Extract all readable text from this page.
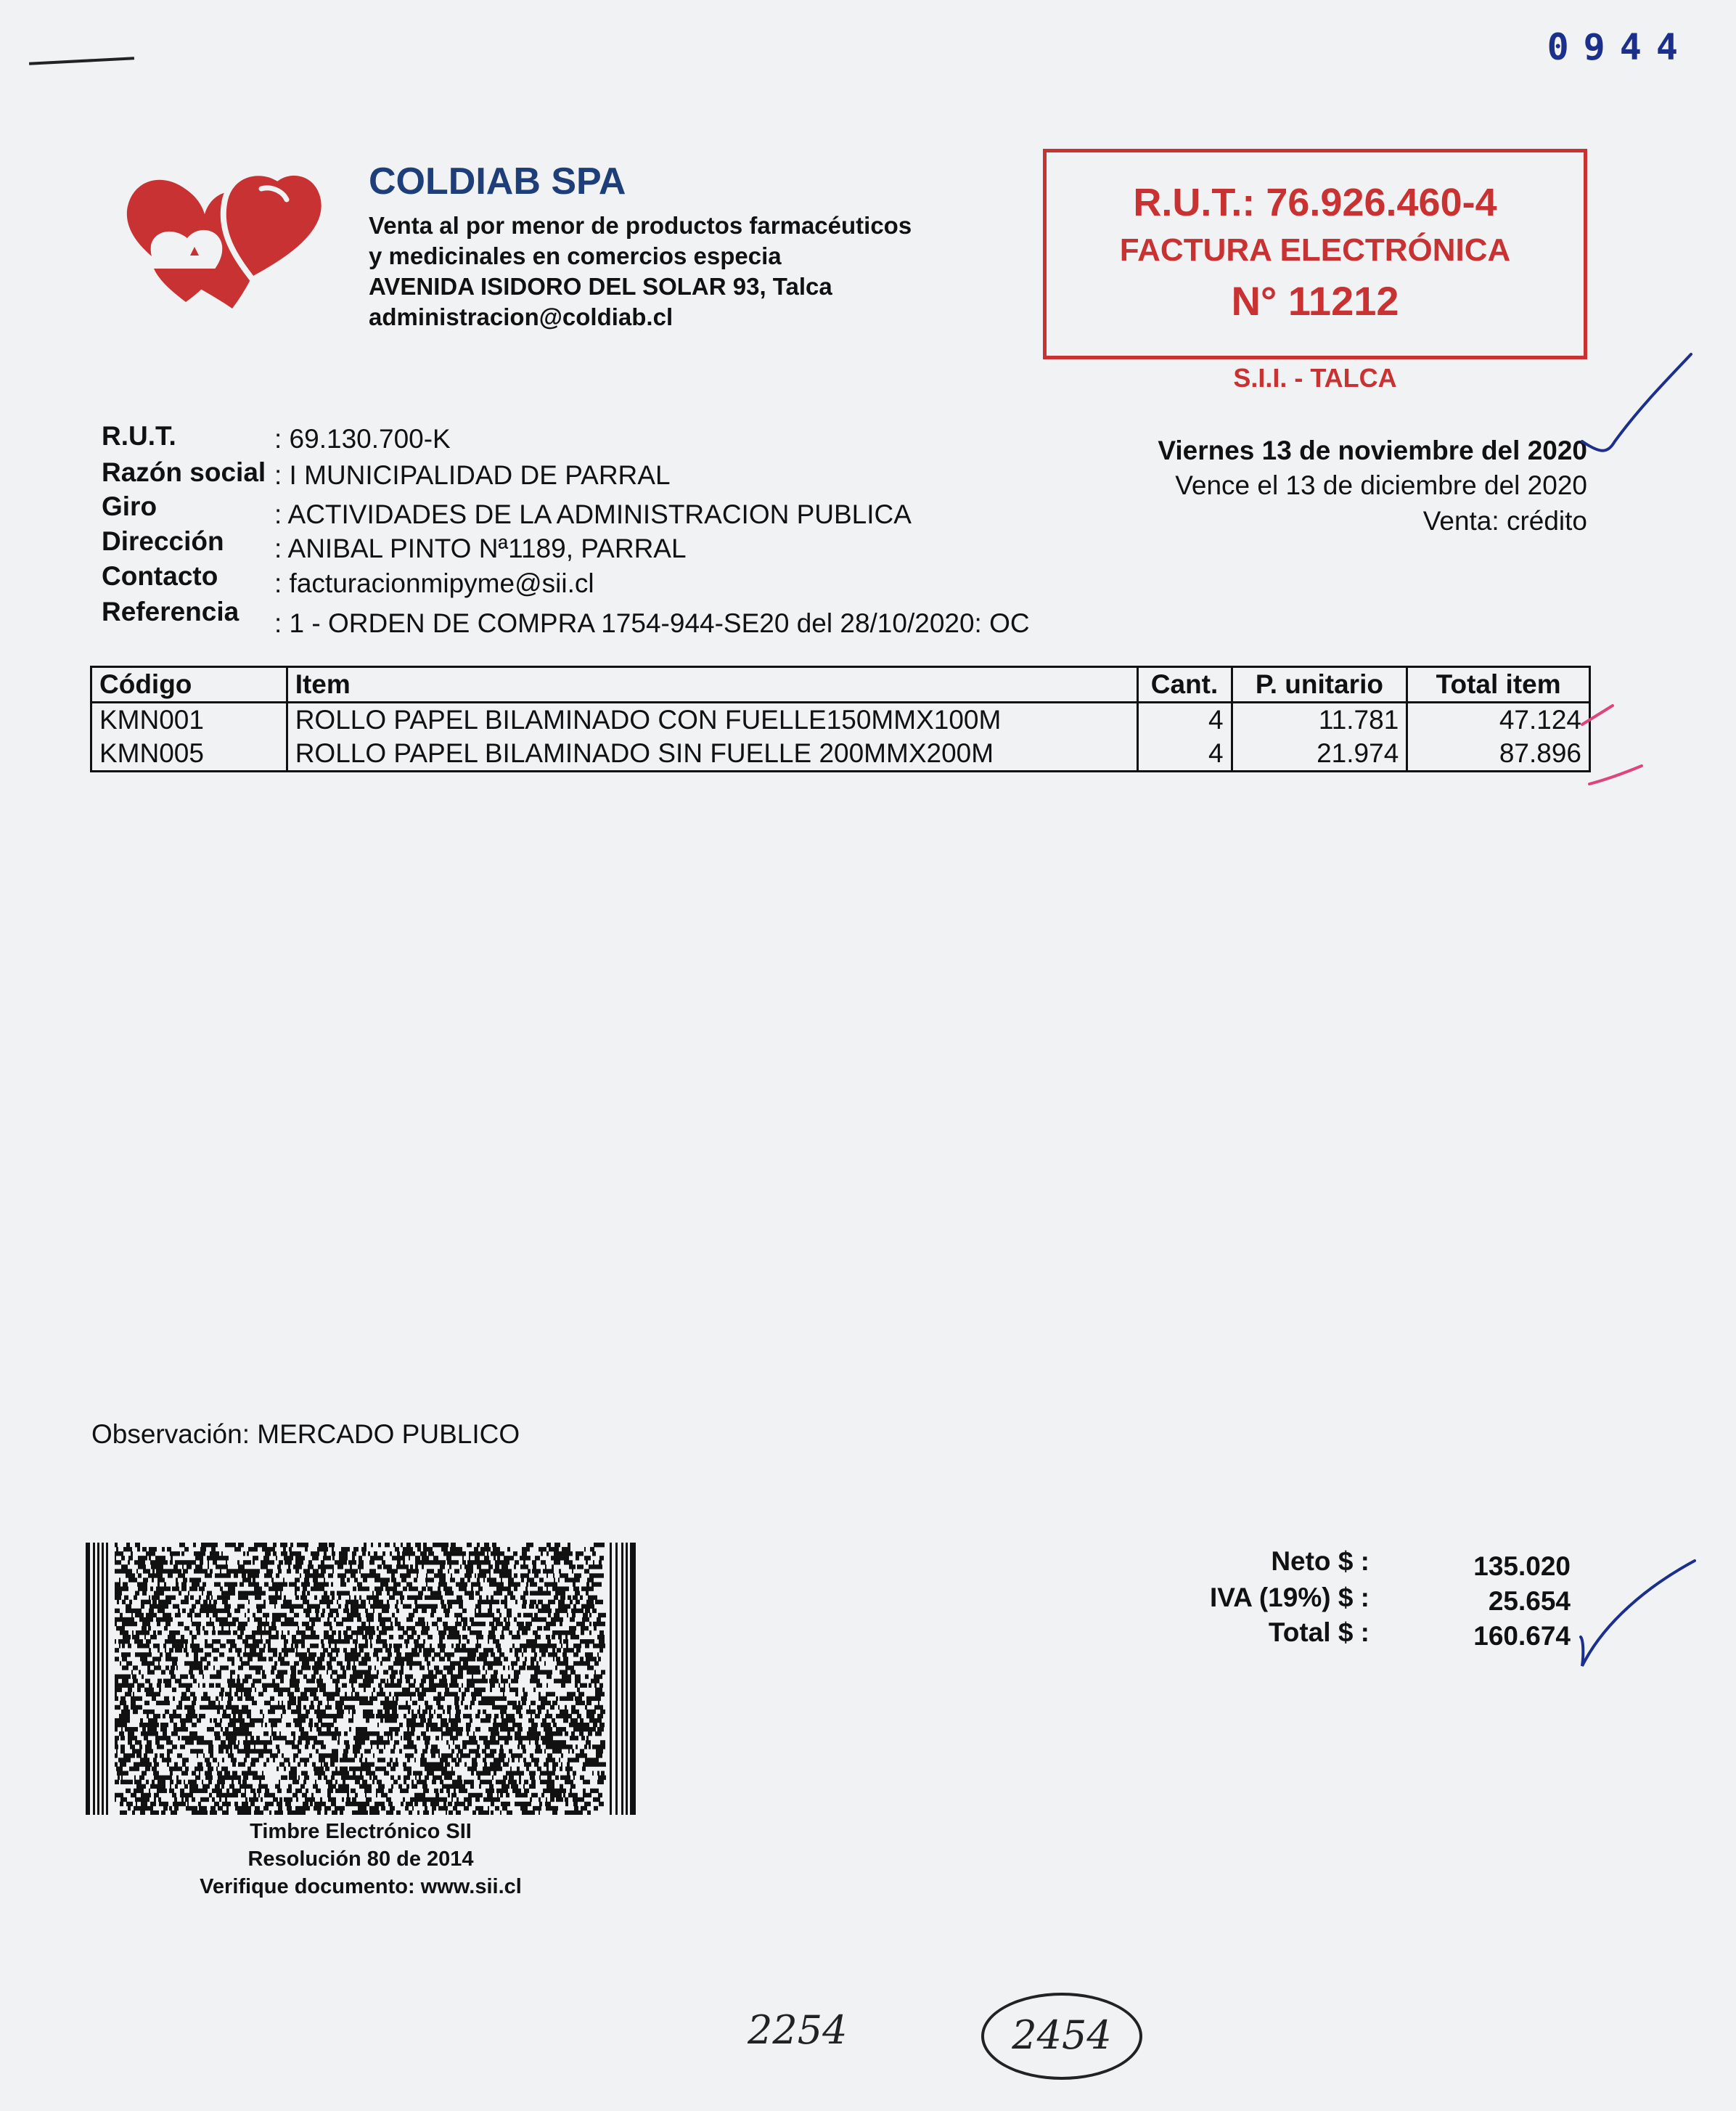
0944
COLDIAB SPA
Venta al por menor de productos farmacéuticos
y medicinales en comercios especia
AVENIDA ISIDORO DEL SOLAR 93, Talca
administracion@coldiab.cl
R.U.T.: 76.926.460-4
FACTURA ELECTRÓNICA
N° 11212
S.I.I. - TALCA
R.U.T.	: 69.130.700-K
Razón social : I MUNICIPALIDAD DE PARRAL
Giro	: ACTIVIDADES DE LA ADMINISTRACION PUBLICA
Dirección : ANIBAL PINTO Nª1189, PARRAL
Contacto : facturacionmipyme@sii.cl
Referencia : 1 - ORDEN DE COMPRA 1754-944-SE20 del 28/10/2020: OC
Viernes 13 de noviembre del 2020
Vence el 13 de diciembre del 2020
Venta: crédito
Código	Item	Cant.	P. unitario	Total item
KMN001	ROLLO PAPEL BILAMINADO CON FUELLE150MMX100M	4	11.781	47.124
KMN005	ROLLO PAPEL BILAMINADO SIN FUELLE 200MMX200M	4	21.974	87.896
Observación: MERCADO PUBLICO
Timbre Electrónico SII
Resolución 80 de 2014
Verifique documento: www.sii.cl
Neto $ :	135.020
IVA (19%) $ :	25.654
Total $ :	160.674
2254	2454
